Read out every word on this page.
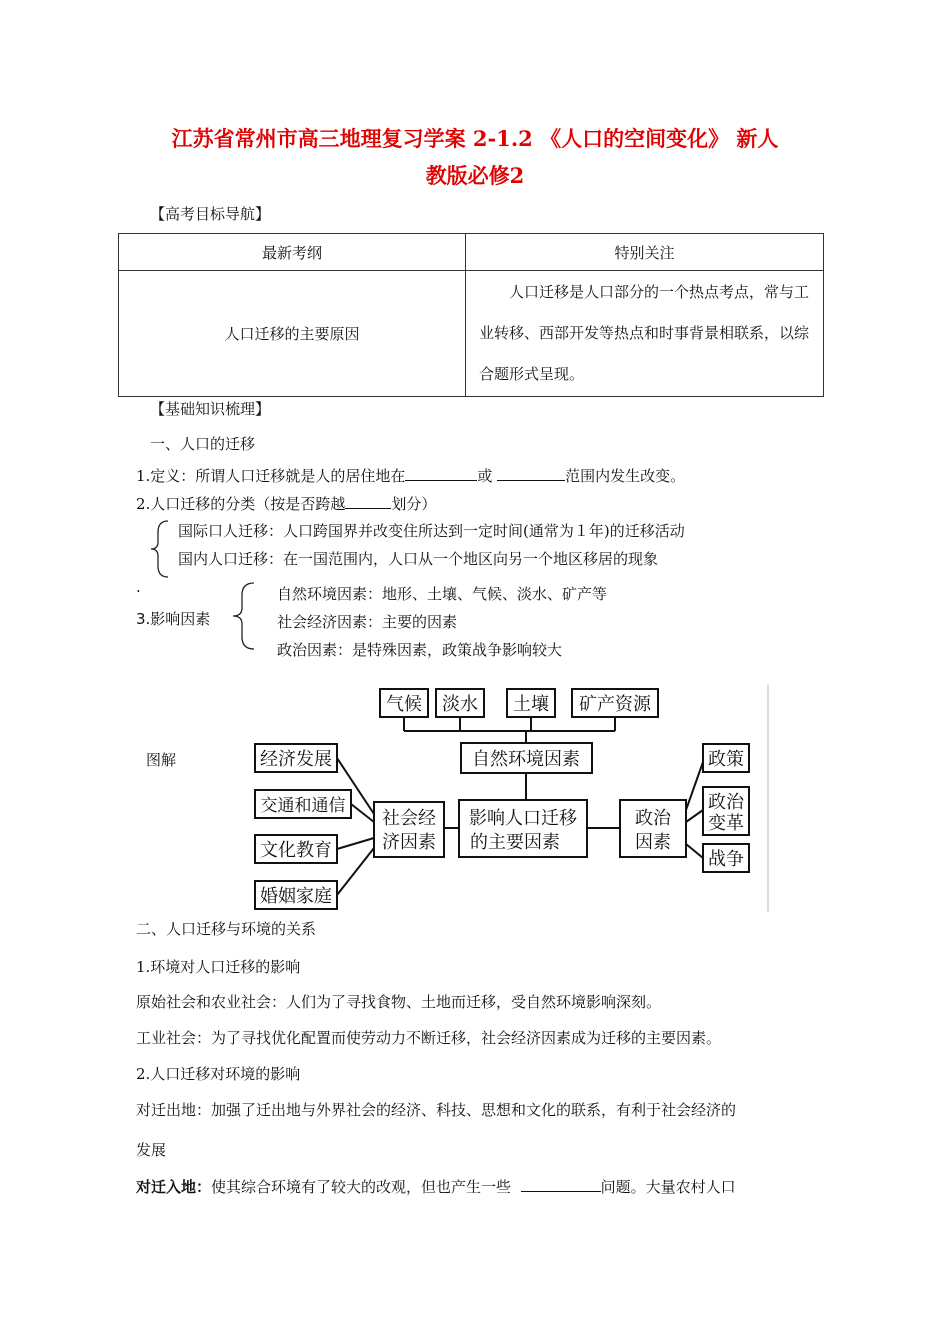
江苏省常州市高三地理复习学案 2-1.2 《人口的空间变化》 新人
教版必修2
【高考目标导航】
最新考纲	特别关注
人口迁移的主要原因	人口迁移是人口部分的一个热点考点，常与工业转移、西部开发等热点和时事背景相联系，以综合题形式呈现。
【基础知识梳理】
一、人口的迁移
1.定义：所谓人口迁移就是人的居住地在	或	范围内发生改变。
2.人口迁移的分类（按是否跨越	划分）
国际口人迁移：人口跨国界并改变住所达到一定时间(通常为１年)的迁移活动
国内人口迁移：在一国范围内，人口从一个地区向另一个地区移居的现象
.
3.影响因素
自然环境因素：地形、土壤、气候、淡水、矿产等
社会经济因素：主要的因素
政治因素：是特殊因素，政策战争影响较大
图解
气候 淡水 土壤 矿产资源
自然环境因素
影响人口迁移
的主要因素
社会经
济因素
经济发展
交通和通信
文化教育
婚姻家庭
政治
因素
政策
政治
变革
战争
二、人口迁移与环境的关系
1.环境对人口迁移的影响
原始社会和农业社会：人们为了寻找食物、土地而迁移，受自然环境影响深刻。
工业社会：为了寻找优化配置而使劳动力不断迁移，社会经济因素成为迁移的主要因素。
2.人口迁移对环境的影响
对迁出地：加强了迁出地与外界社会的经济、科技、思想和文化的联系，有利于社会经济的
发展
对迁入地：使其综合环境有了较大的改观，但也产生一些	问题。大量农村人口
